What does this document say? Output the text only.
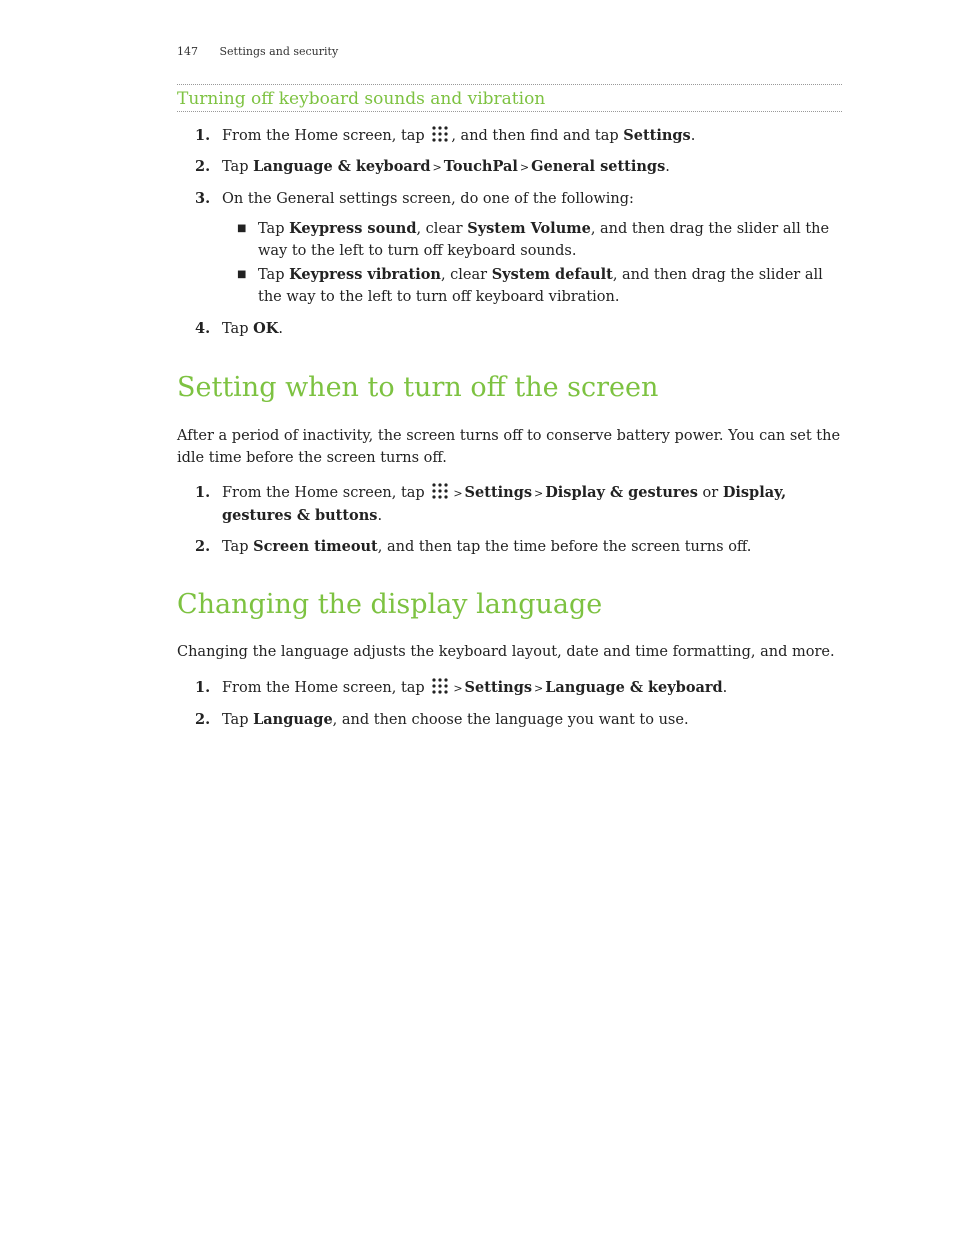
147 Settings and security
Turning off keyboard sounds and vibration
1. From the Home screen, tap , and then find and tap Settings.
2. Tap Language & keyboard > TouchPal > General settings.
3. On the General settings screen, do one of the following:
■ Tap Keypress sound, clear System Volume, and then drag the slider all the way to the left to turn off keyboard sounds.
■ Tap Keypress vibration, clear System default, and then drag the slider all the way to the left to turn off keyboard vibration.
4. Tap OK.
Setting when to turn off the screen

After a period of inactivity, the screen turns off to conserve battery power. You can set the idle time before the screen turns off.

1. From the Home screen, tap	> Settings > Display & gestures or Display, gestures & buttons.
2. Tap Screen timeout, and then tap the time before the screen turns off.
Changing the display language

Changing the language adjusts the keyboard layout, date and time formatting, and more.

1. From the Home screen, tap	> Settings > Language & keyboard.
2. Tap Language, and then choose the language you want to use.
